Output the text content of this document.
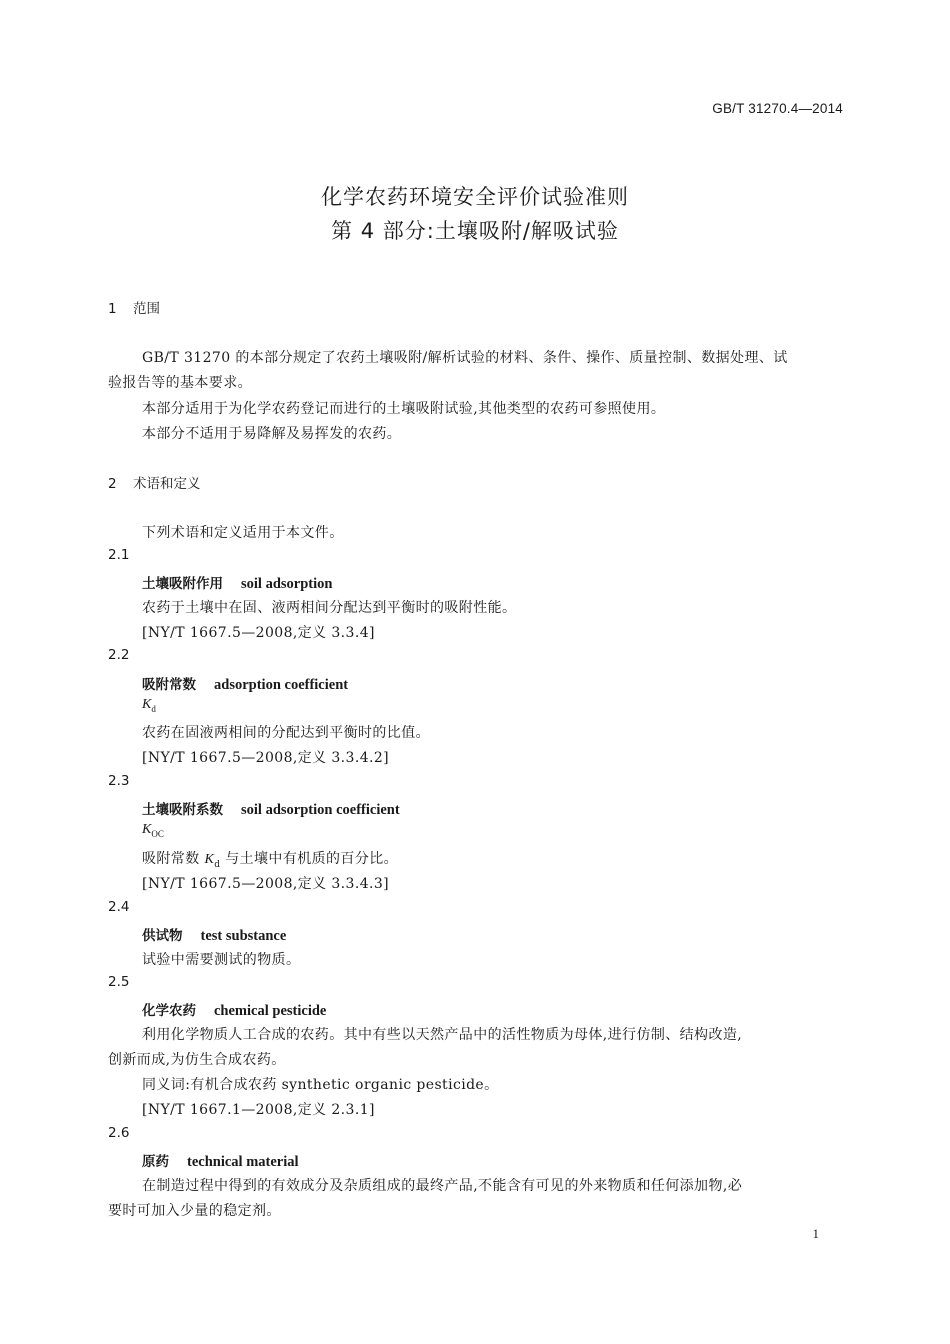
GB/T 31270.4—2014
化学农药环境安全评价试验准则
第 4 部分:土壤吸附/解吸试验
1 范围
GB/T 31270 的本部分规定了农药土壤吸附/解析试验的材料、条件、操作、质量控制、数据处理、试
验报告等的基本要求。
本部分适用于为化学农药登记而进行的土壤吸附试验,其他类型的农药可参照使用。
本部分不适用于易降解及易挥发的农药。
2 术语和定义
下列术语和定义适用于本文件。
2.1
土壤吸附作用 soil adsorption
农药于土壤中在固、液两相间分配达到平衡时的吸附性能。
[NY/T 1667.5—2008,定义 3.3.4]
2.2
吸附常数 adsorption coefficient
$K_d$
农药在固液两相间的分配达到平衡时的比值。
[NY/T 1667.5—2008,定义 3.3.4.2]
2.3
土壤吸附系数 soil adsorption coefficient
$K_{OC}$
吸附常数 $K_d$ 与土壤中有机质的百分比。
[NY/T 1667.5—2008,定义 3.3.4.3]
2.4
供试物 test substance
试验中需要测试的物质。
2.5
化学农药 chemical pesticide
利用化学物质人工合成的农药。其中有些以天然产品中的活性物质为母体,进行仿制、结构改造,
创新而成,为仿生合成农药。
同义词:有机合成农药 synthetic organic pesticide。
[NY/T 1667.1—2008,定义 2.3.1]
2.6
原药 technical material
在制造过程中得到的有效成分及杂质组成的最终产品,不能含有可见的外来物质和任何添加物,必
要时可加入少量的稳定剂。
1
